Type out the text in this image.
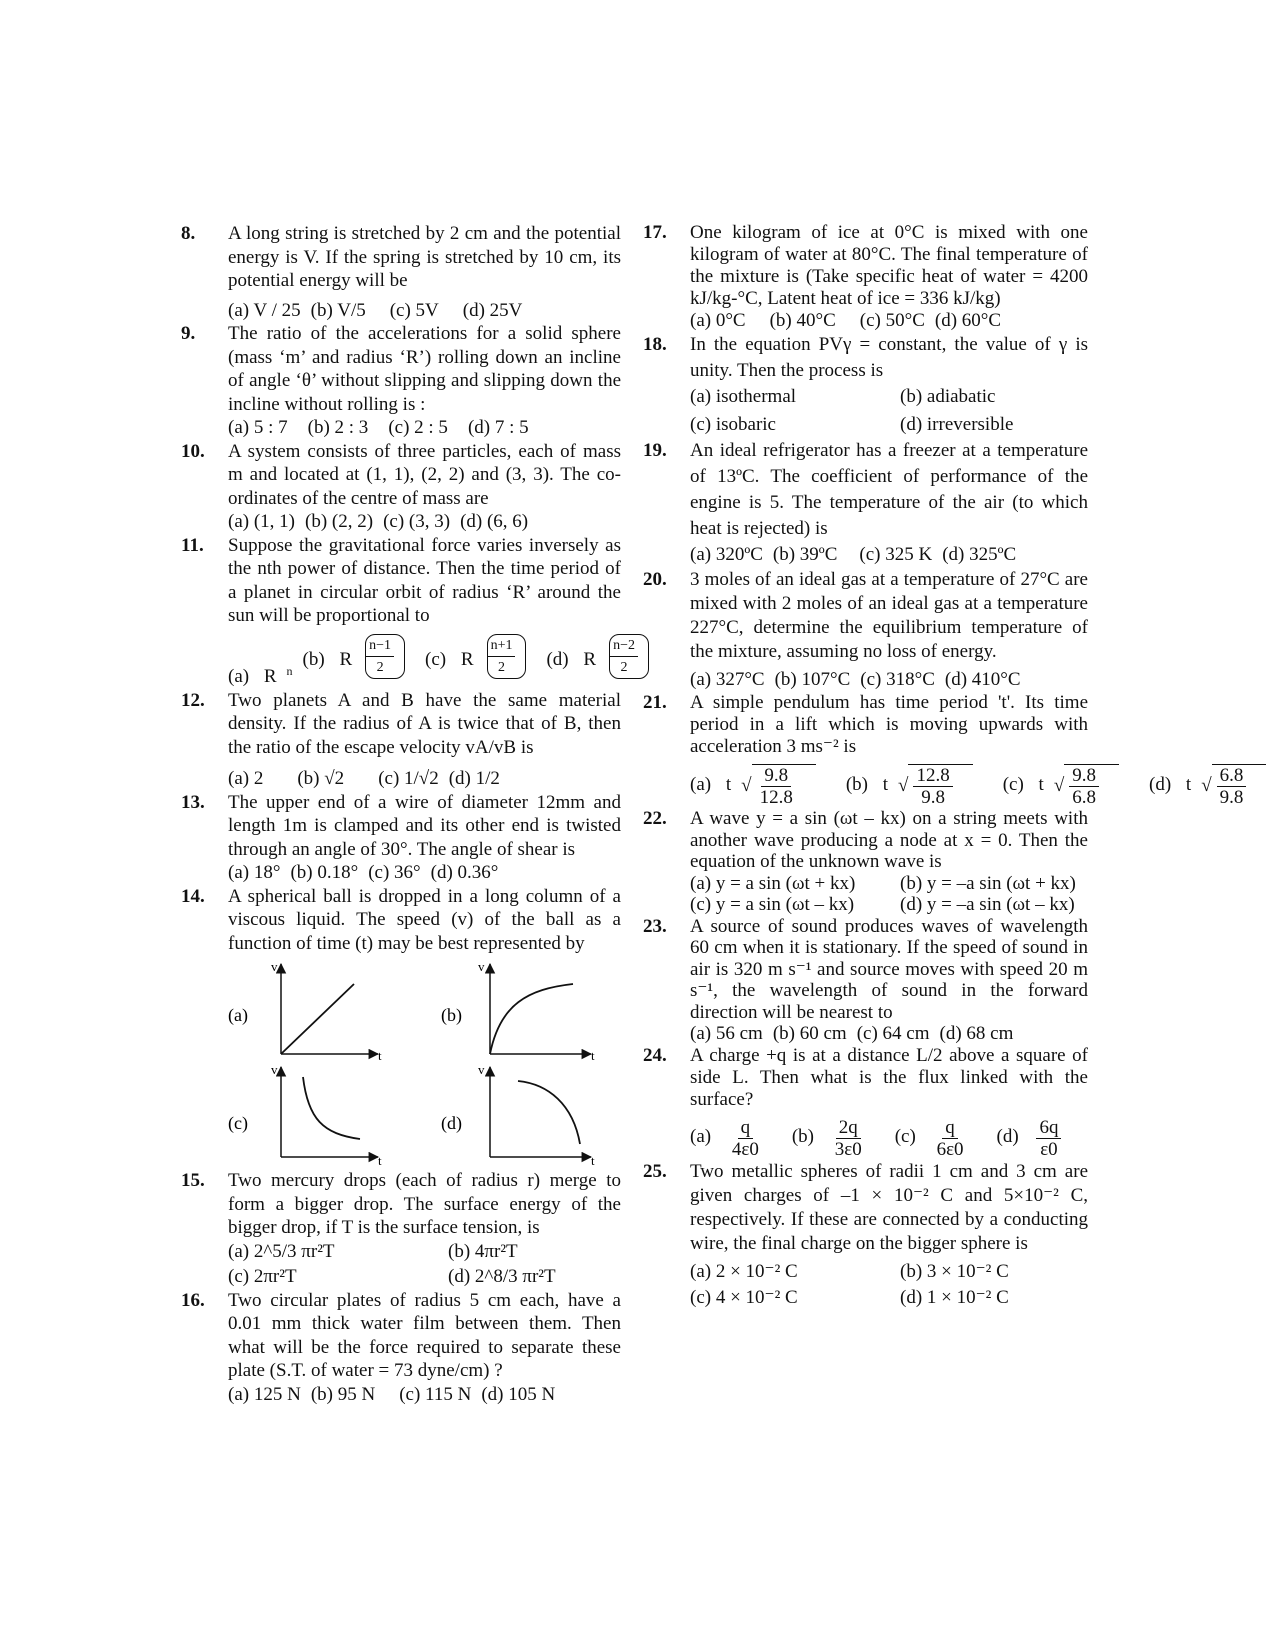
8. A long string is stretched by 2 cm and the potential energy is V. If the spring is stretched by 10 cm, its potential energy will be
(a) V / 25 (b) V/5 (c) 5V (d) 25V
9. The ratio of the accelerations for a solid sphere (mass ‘m’ and radius ‘R’) rolling down an incline of angle ‘θ’ without slipping and slipping down the incline without rolling is :
(a) 5 : 7 (b) 2 : 3 (c) 2 : 5 (d) 7 : 5
10. A system consists of three particles, each of mass m and located at (1, 1), (2, 2) and (3, 3). The co-ordinates of the centre of mass are
(a) (1, 1) (b) (2, 2) (c) (3, 3) (d) (6, 6)
11. Suppose the gravitational force varies inversely as the nth power of distance. Then the time period of a planet in circular orbit of radius ‘R’ around the sun will be proportional to
(a) R $^n$
(b) R $\frac{n-1}{2} (c)$ R $\frac{n+1}{2} (d)$ R $\frac{n-2}{2}$
12. Two planets A and B have the same material density. If the radius of A is twice that of B, then the ratio of the escape velocity vA/vB is
(a) 2 (b) √2 (c) 1/√2 (d) 1/2
13. The upper end of a wire of diameter 12mm and length 1m is clamped and its other end is twisted through an angle of 30°. The angle of shear is
(a) 18° (b) 0.18° (c) 36° (d) 0.36°
14. A spherical ball is dropped in a long column of a viscous liquid. The speed (v) of the ball as a function of time (t) may be best represented by
(a)
v
t
(b)
v
t
(c)
v
t
(d)
v
t
15. Two mercury drops (each of radius r) merge to form a bigger drop. The surface energy of the bigger drop, if T is the surface tension, is
(a) 2^5/3 πr²T	(b) 4πr²T
(c) 2πr²T	(d) 2^8/3 πr²T
16. Two circular plates of radius 5 cm each, have a 0.01 mm thick water film between them. Then what will be the force required to separate these plate (S.T. of water = 73 dyne/cm) ?
(a) 125 N (b) 95 N (c) 115 N (d) 105 N
17. One kilogram of ice at 0°C is mixed with one kilogram of water at 80°C. The final temperature of the mixture is (Take specific heat of water = 4200 kJ/kg-°C, Latent heat of ice = 336 kJ/kg)
(a) 0°C (b) 40°C (c) 50°C (d) 60°C
18. In the equation PVγ = constant, the value of γ is unity. Then the process is
(a) isothermal	(b) adiabatic
(c) isobaric	(d) irreversible
19. An ideal refrigerator has a freezer at a temperature of 13ºC. The coefficient of performance of the engine is 5. The temperature of the air (to which heat is rejected) is
(a) 320ºC (b) 39ºC (c) 325 K (d) 325ºC
20. 3 moles of an ideal gas at a temperature of 27°C are mixed with 2 moles of an ideal gas at a temperature 227°C, determine the equilibrium temperature of the mixture, assuming no loss of energy.
(a) 327°C (b) 107°C (c) 318°C (d) 410°C
21. A simple pendulum has time period 't'. Its time period in a lift which is moving upwards with acceleration 3 ms⁻² is
(a) t √ $\frac{9.8}{12.8} (b)$ t √ $\frac{12.8}{9.8} (c)$ t √ $\frac{9.8}{6.8} (d)$ t √ $\frac{6.8}{9.8}$
22. A wave y = a sin (ωt – kx) on a string meets with another wave producing a node at x = 0. Then the equation of the unknown wave is
(a) y = a sin (ωt + kx)	(b) y = –a sin (ωt + kx)
(c) y = a sin (ωt – kx)	(d) y = –a sin (ωt – kx)
23. A source of sound produces waves of wavelength 60 cm when it is stationary. If the speed of sound in air is 320 m s⁻¹ and source moves with speed 20 m s⁻¹, the wavelength of sound in the forward direction will be nearest to
(a) 56 cm (b) 60 cm (c) 64 cm (d) 68 cm
24. A charge +q is at a distance L/2 above a square of side L. Then what is the flux linked with the surface?
$(a) \frac{q}{4\varepsilon 0} (b) \frac{2q}{3\varepsilon 0} (c) \frac{q}{6\varepsilon 0} (d) \frac{6q}{\varepsilon 0}$
25. Two metallic spheres of radii 1 cm and 3 cm are given charges of –1 × 10⁻² C and 5×10⁻² C, respectively. If these are connected by a conducting wire, the final charge on the bigger sphere is
(a) 2 × 10⁻² C	(b) 3 × 10⁻² C
(c) 4 × 10⁻² C	(d) 1 × 10⁻² C
